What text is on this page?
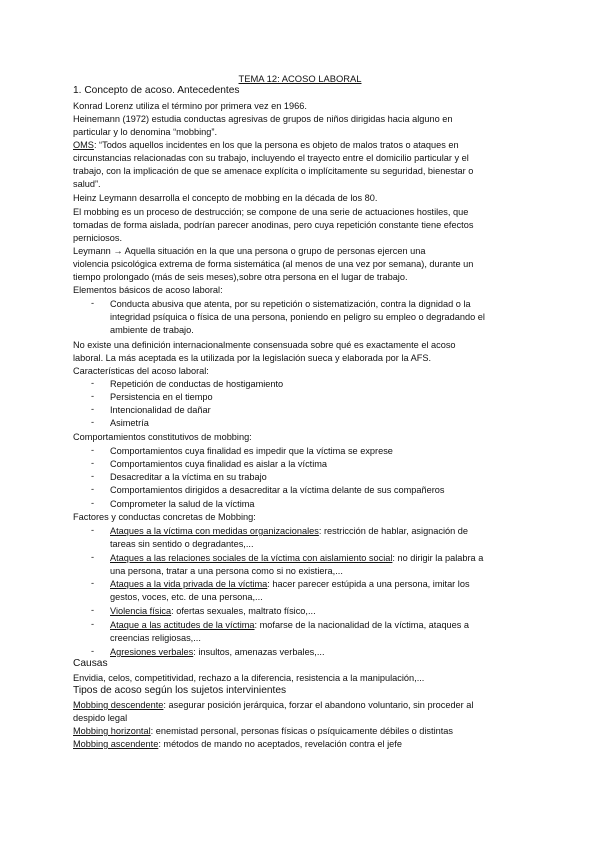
TEMA 12: ACOSO LABORAL
1. Concepto de acoso. Antecedentes
Konrad Lorenz utiliza el término por primera vez en 1966.
Heinemann (1972) estudia conductas agresivas de grupos de niños dirigidas hacia alguno en
particular y lo denomina “mobbing”.
OMS: “Todos aquellos incidentes en los que la persona es objeto de malos tratos o ataques en
circunstancias relacionadas con su trabajo, incluyendo el trayecto entre el domicilio particular y el
trabajo, con la implicación de que se amenace explícita o implícitamente su seguridad, bienestar o
salud”.
Heinz Leymann desarrolla el concepto de mobbing en la década de los 80.
El mobbing es un proceso de destrucción; se compone de una serie de actuaciones hostiles, que
tomadas de forma aislada, podrían parecer anodinas, pero cuya repetición constante tiene efectos
perniciosos.
Leymann → Aquella situación en la que una persona o grupo de personas ejercen una
violencia psicológica extrema de forma sistemática (al menos de una vez por semana), durante un
tiempo prolongado (más de seis meses),sobre otra persona en el lugar de trabajo.
Elementos básicos de acoso laboral:
- Conducta abusiva que atenta, por su repetición o sistematización, contra la dignidad o la
integridad psíquica o física de una persona, poniendo en peligro su empleo o degradando el
ambiente de trabajo.
No existe una definición internacionalmente consensuada sobre qué es exactamente el acoso
laboral. La más aceptada es la utilizada por la legislación sueca y elaborada por la AFS.
Características del acoso laboral:
- Repetición de conductas de hostigamiento
- Persistencia en el tiempo
- Intencionalidad de dañar
- Asimetría
Comportamientos constitutivos de mobbing:
- Comportamientos cuya finalidad es impedir que la víctima se exprese
- Comportamientos cuya finalidad es aislar a la víctima
- Desacreditar a la víctima en su trabajo
- Comportamientos dirigidos a desacreditar a la víctima delante de sus compañeros
- Comprometer la salud de la víctima
Factores y conductas concretas de Mobbing:
- Ataques a la víctima con medidas organizacionales: restricción de hablar, asignación de
tareas sin sentido o degradantes,...
- Ataques a las relaciones sociales de la víctima con aislamiento social: no dirigir la palabra a
una persona, tratar a una persona como si no existiera,...
- Ataques a la vida privada de la víctima: hacer parecer estúpida a una persona, imitar los
gestos, voces, etc. de una persona,...
- Violencia física: ofertas sexuales, maltrato físico,...
- Ataque a las actitudes de la víctima: mofarse de la nacionalidad de la víctima, ataques a
creencias religiosas,...
- Agresiones verbales: insultos, amenazas verbales,...
Causas
Envidia, celos, competitividad, rechazo a la diferencia, resistencia a la manipulación,...
Tipos de acoso según los sujetos intervinientes
Mobbing descendente: asegurar posición jerárquica, forzar el abandono voluntario, sin proceder al
despido legal
Mobbing horizontal: enemistad personal, personas físicas o psíquicamente débiles o distintas
Mobbing ascendente: métodos de mando no aceptados, revelación contra el jefe
